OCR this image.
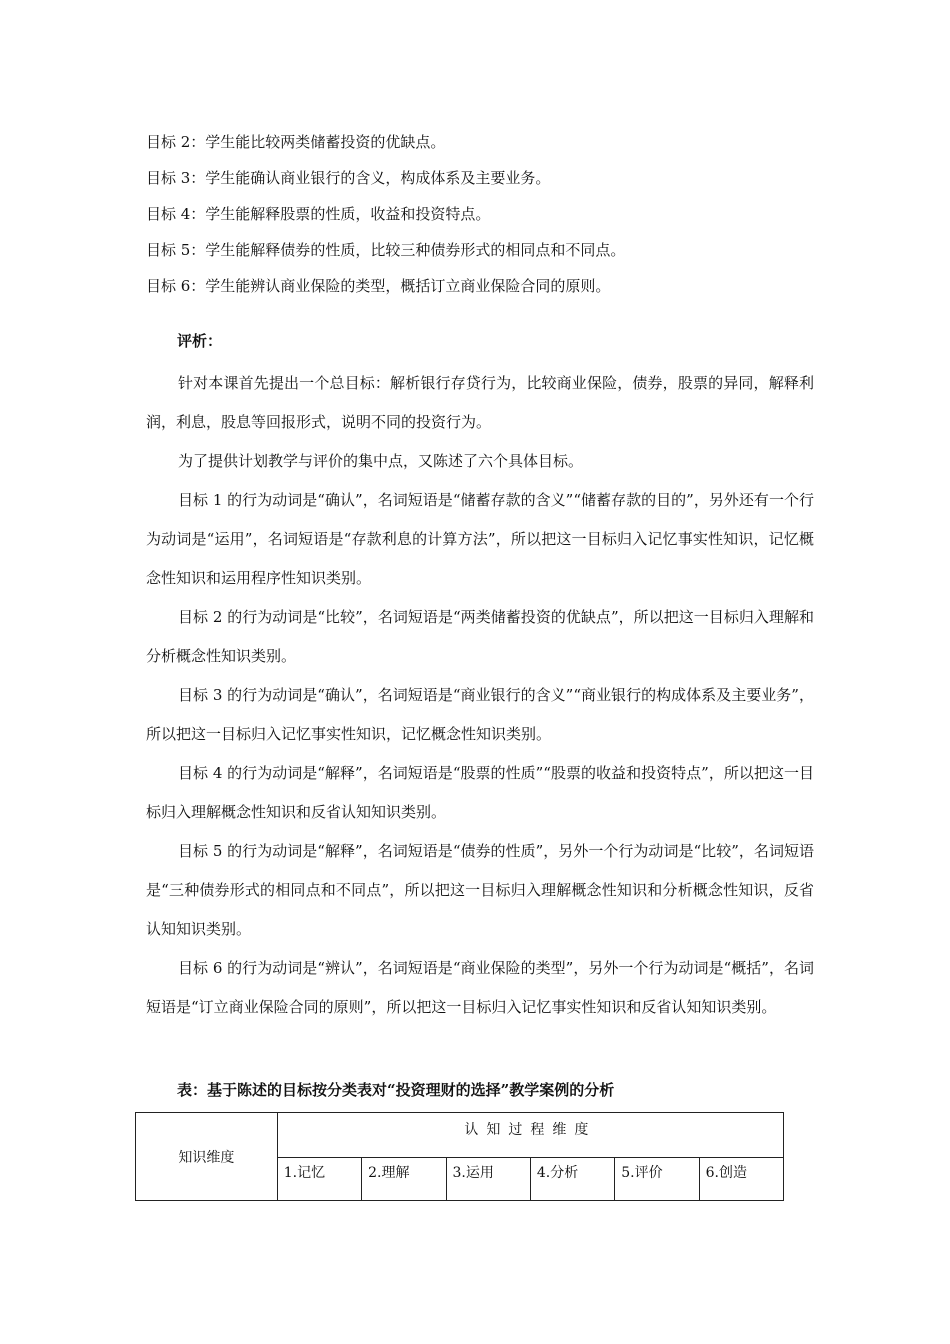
目标 2：学生能比较两类储蓄投资的优缺点。
目标 3：学生能确认商业银行的含义，构成体系及主要业务。
目标 4：学生能解释股票的性质，收益和投资特点。
目标 5：学生能解释债券的性质，比较三种债券形式的相同点和不同点。
目标 6：学生能辨认商业保险的类型，概括订立商业保险合同的原则。
评析：

针对本课首先提出一个总目标：解析银行存贷行为，比较商业保险，债券，股票的异同，解释利润，利息，股息等回报形式，说明不同的投资行为。

为了提供计划教学与评价的集中点，又陈述了六个具体目标。

目标 1 的行为动词是“确认”，名词短语是“储蓄存款的含义”“储蓄存款的目的”，另外还有一个行为动词是“运用”，名词短语是“存款利息的计算方法”，所以把这一目标归入记忆事实性知识，记忆概念性知识和运用程序性知识类别。

目标 2 的行为动词是“比较”，名词短语是“两类储蓄投资的优缺点”，所以把这一目标归入理解和分析概念性知识类别。

目标 3 的行为动词是“确认”，名词短语是“商业银行的含义”“商业银行的构成体系及主要业务”，所以把这一目标归入记忆事实性知识，记忆概念性知识类别。

目标 4 的行为动词是“解释”，名词短语是“股票的性质”“股票的收益和投资特点”，所以把这一目标归入理解概念性知识和反省认知知识类别。

目标 5 的行为动词是“解释”，名词短语是“债券的性质”，另外一个行为动词是“比较”，名词短语是“三种债券形式的相同点和不同点”，所以把这一目标归入理解概念性知识和分析概念性知识，反省认知知识类别。

目标 6 的行为动词是“辨认”，名词短语是“商业保险的类型”，另外一个行为动词是“概括”，名词短语是“订立商业保险合同的原则”，所以把这一目标归入记忆事实性知识和反省认知知识类别。

表：基于陈述的目标按分类表对“投资理财的选择”教学案例的分析
知识维度	认知过程维度					
	1.记忆	2.理解	3.运用	4.分析	5.评价	6.创造
